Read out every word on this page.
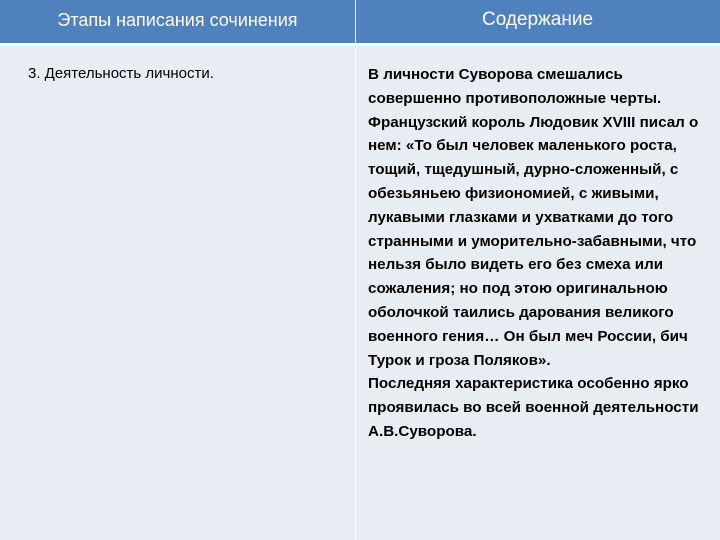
Этапы написания сочинения	Содержание
3. Деятельность личности.	В личности Суворова смешались совершенно противоположные черты. Французский король Людовик XVIII писал о нем: «То был человек маленького роста, тощий, тщедушный, дурно-сложенный, с обезьяньею физиономией, с живыми, лукавыми глазками и ухватками до того странными и уморительно-забавными, что нельзя было видеть его без смеха или сожаления; но под этою оригинальною оболочкой таились дарования великого военного гения… Он был меч России, бич Турок и гроза Поляков».

Последняя характеристика особенно ярко проявилась во всей военной деятельности А.В.Суворова.
